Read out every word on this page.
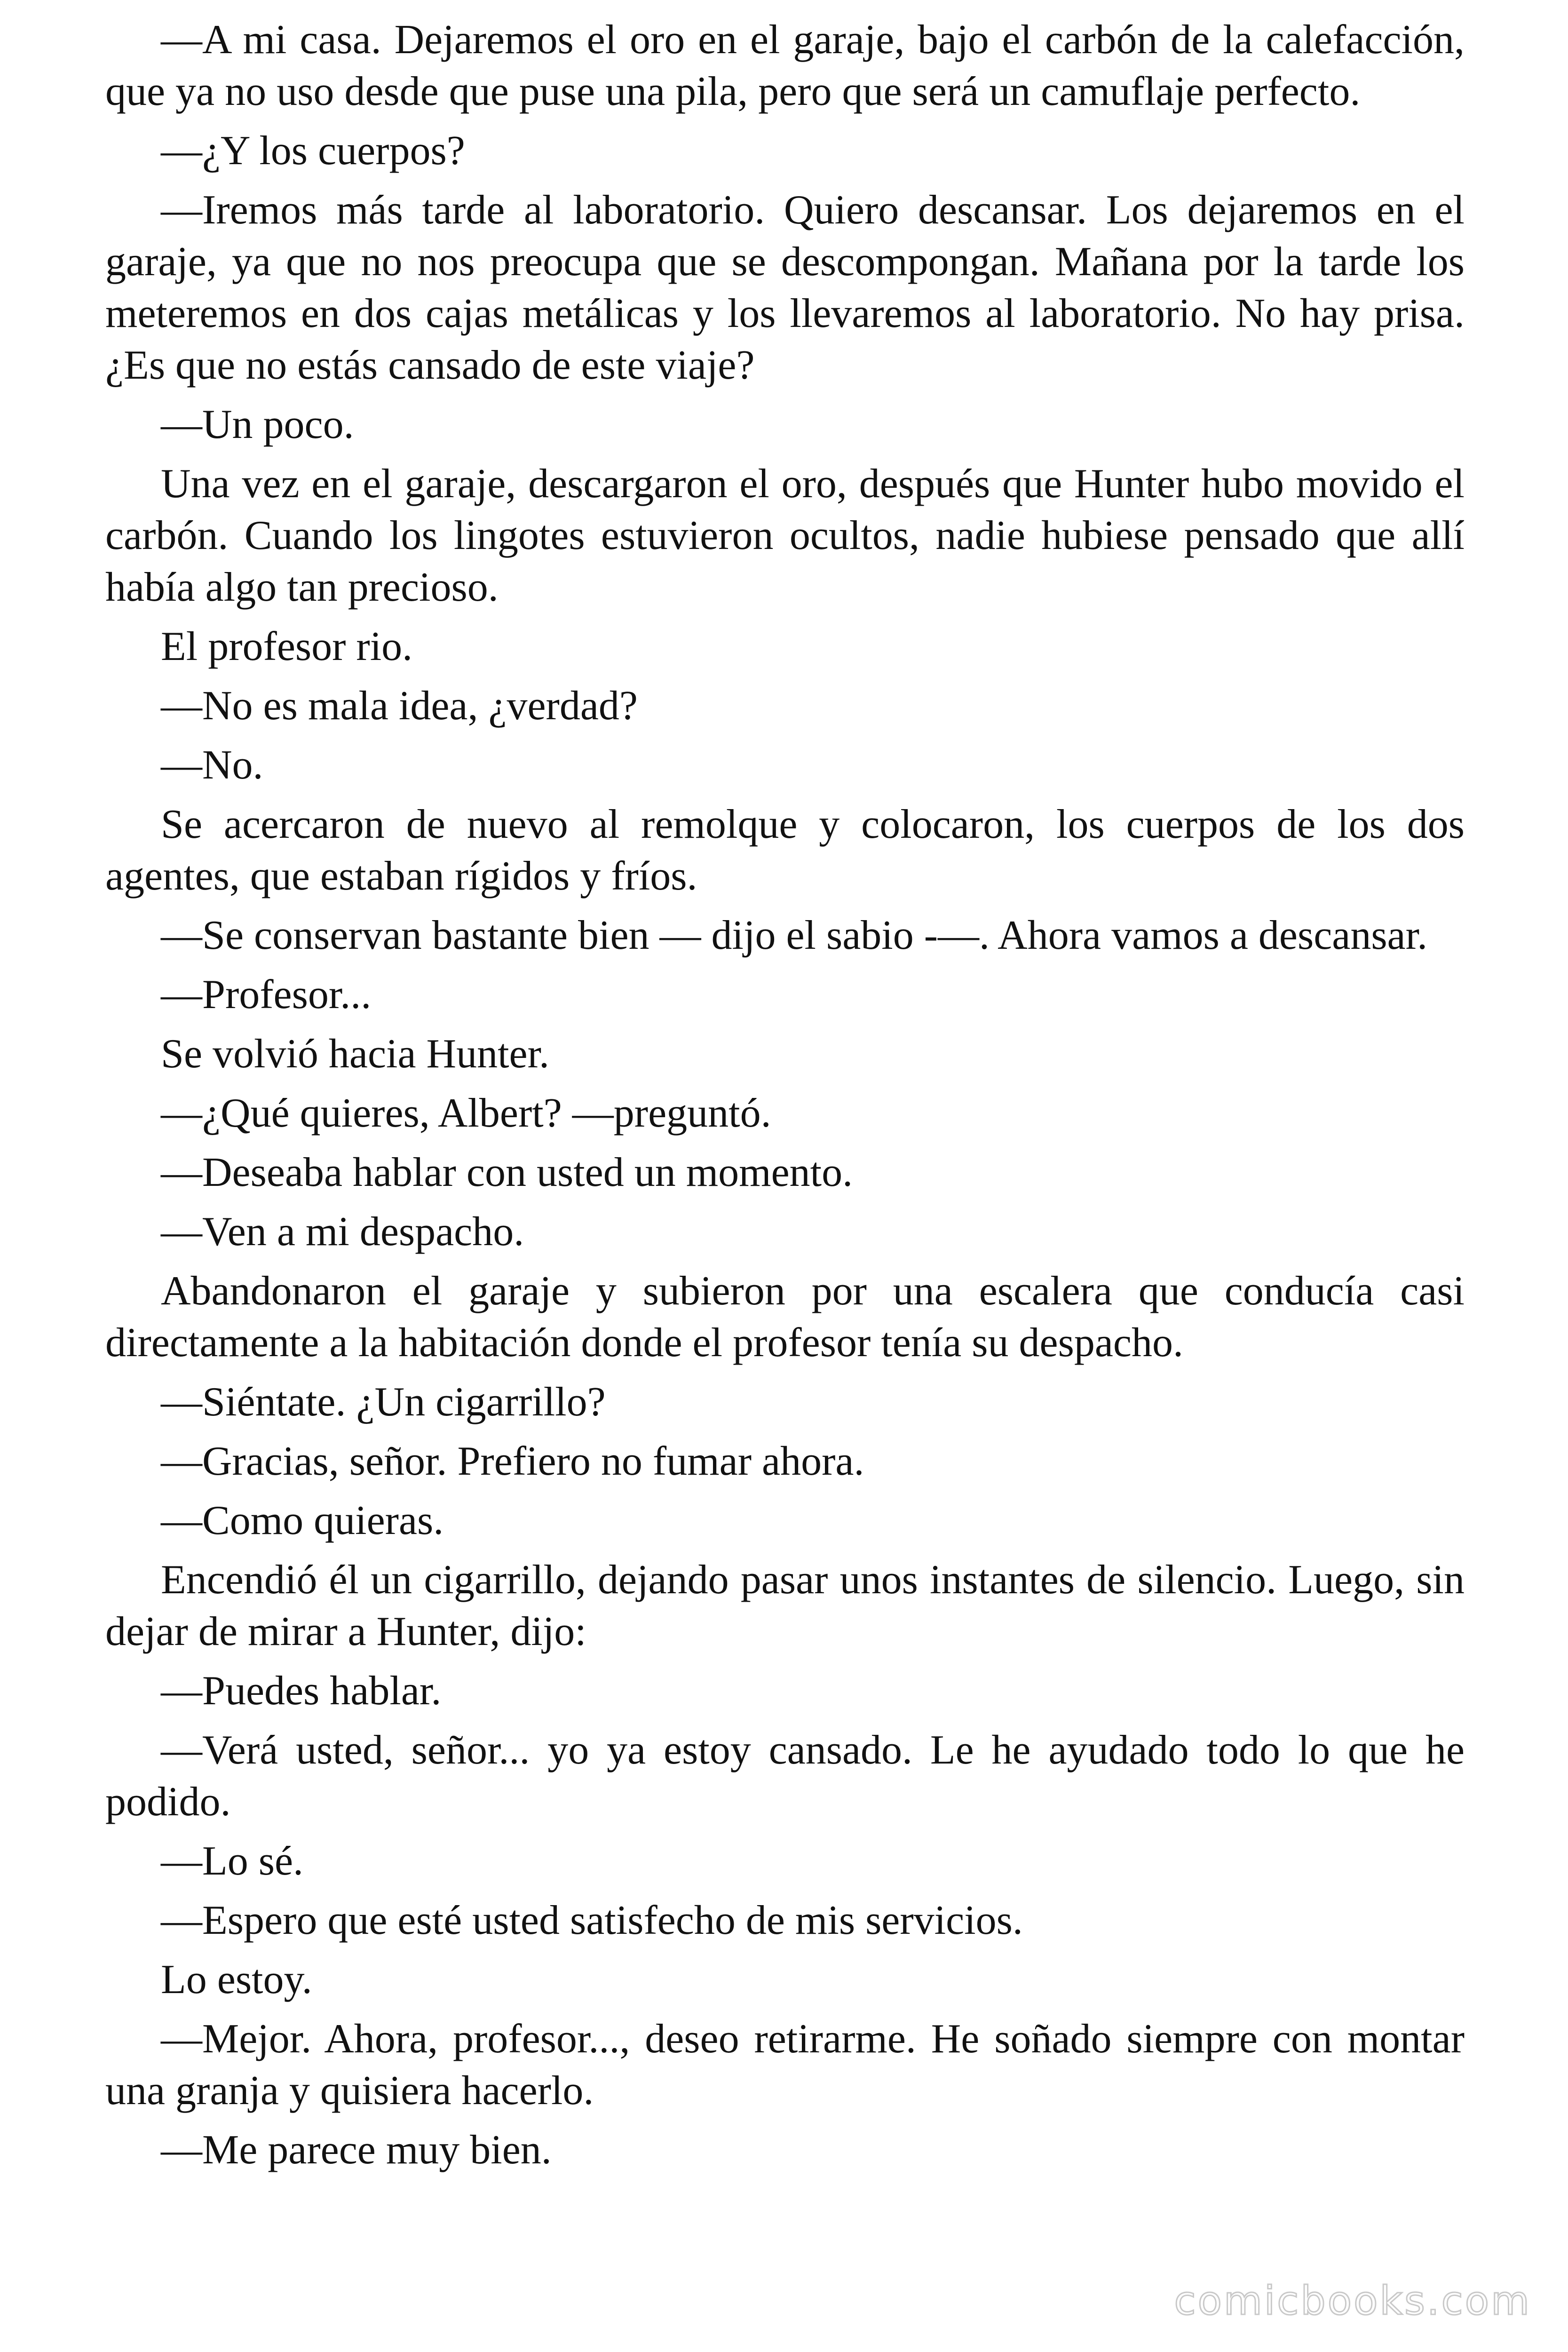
—A mi casa. Dejaremos el oro en el garaje, bajo el carbón de la calefacción, que ya no uso desde que puse una pila, pero que será un camuflaje perfecto.

—¿Y los cuerpos?

—Iremos más tarde al laboratorio. Quiero descansar. Los dejaremos en el garaje, ya que no nos preocupa que se descompongan. Mañana por la tarde los meteremos en dos cajas metálicas y los llevaremos al laboratorio. No hay prisa. ¿Es que no estás cansado de este viaje?

—Un poco.

Una vez en el garaje, descargaron el oro, después que Hunter hubo movido el carbón. Cuando los lingotes estuvieron ocultos, nadie hubiese pensado que allí había algo tan precioso.

El profesor rio.

—No es mala idea, ¿verdad?

—No.

Se acercaron de nuevo al remolque y colocaron, los cuerpos de los dos agentes, que estaban rígidos y fríos.

—Se conservan bastante bien — dijo el sabio -—. Ahora vamos a descansar.

—Profesor...

Se volvió hacia Hunter.

—¿Qué quieres, Albert? —preguntó.

—Deseaba hablar con usted un momento.

—Ven a mi despacho.

Abandonaron el garaje y subieron por una escalera que conducía casi directamente a la habitación donde el profesor tenía su despacho.

—Siéntate. ¿Un cigarrillo?

—Gracias, señor. Prefiero no fumar ahora.

—Como quieras.

Encendió él un cigarrillo, dejando pasar unos instantes de silencio. Luego, sin dejar de mirar a Hunter, dijo:

—Puedes hablar.

—Verá usted, señor... yo ya estoy cansado. Le he ayudado todo lo que he podido.

—Lo sé.

—Espero que esté usted satisfecho de mis servicios.

Lo estoy.

—Mejor. Ahora, profesor..., deseo retirarme. He soñado siempre con montar una granja y quisiera hacerlo.

—Me parece muy bien.

comicbooks.com
